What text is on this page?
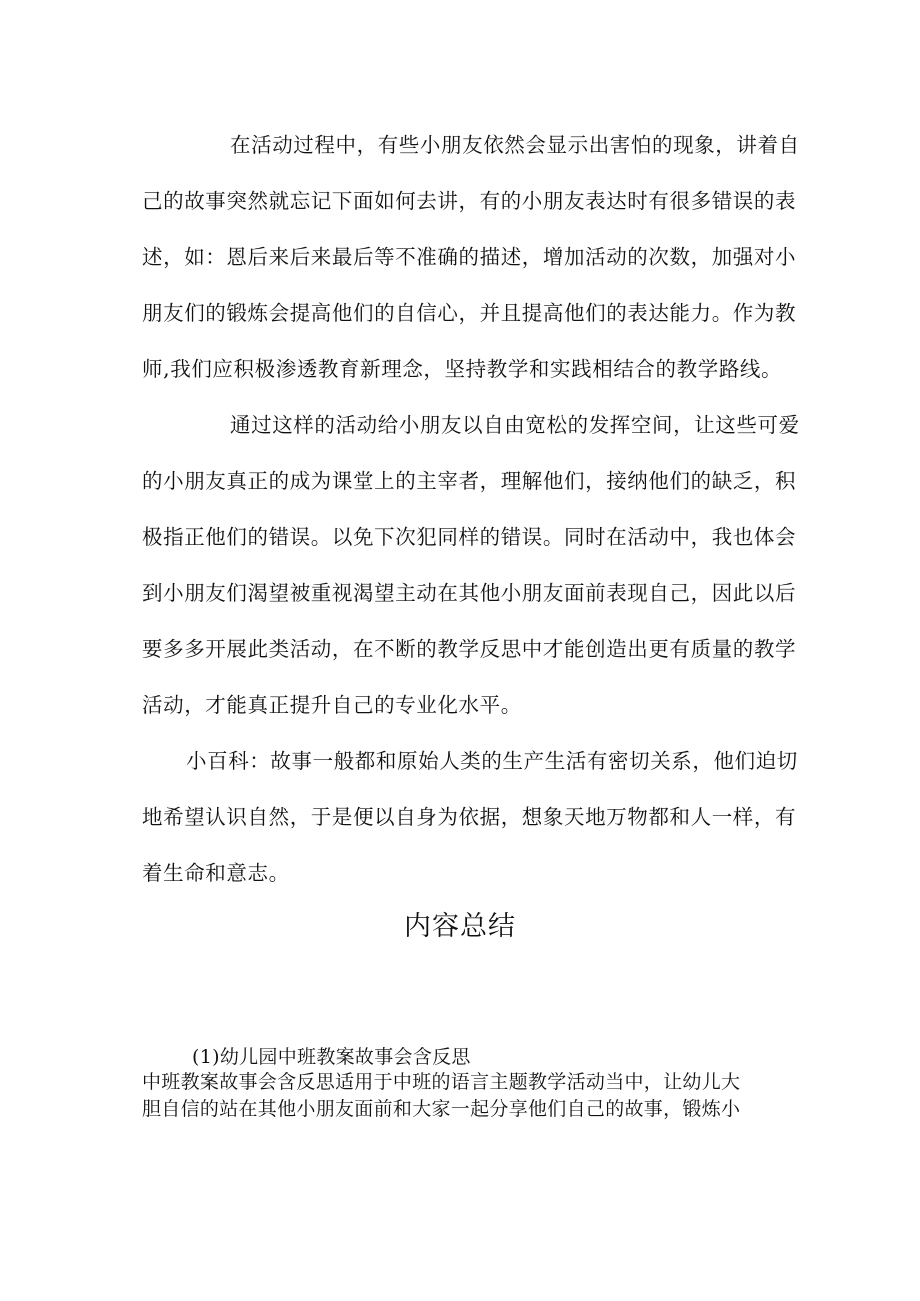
在活动过程中，有些小朋友依然会显示出害怕的现象，讲着自
己的故事突然就忘记下面如何去讲，有的小朋友表达时有很多错误的表
述，如：恩后来后来最后等不准确的描述，增加活动的次数，加强对小
朋友们的锻炼会提高他们的自信心，并且提高他们的表达能力。作为教
师,我们应积极渗透教育新理念，坚持教学和实践相结合的教学路线。
通过这样的活动给小朋友以自由宽松的发挥空间，让这些可爱
的小朋友真正的成为课堂上的主宰者，理解他们，接纳他们的缺乏，积
极指正他们的错误。以免下次犯同样的错误。同时在活动中，我也体会
到小朋友们渴望被重视渴望主动在其他小朋友面前表现自己，因此以后
要多多开展此类活动，在不断的教学反思中才能创造出更有质量的教学
活动，才能真正提升自己的专业化水平。
小百科：故事一般都和原始人类的生产生活有密切关系，他们迫切
地希望认识自然，于是便以自身为依据，想象天地万物都和人一样，有
着生命和意志。
内容总结
(1)幼儿园中班教案故事会含反思
中班教案故事会含反思适用于中班的语言主题教学活动当中，让幼儿大
胆自信的站在其他小朋友面前和大家一起分享他们自己的故事，锻炼小
